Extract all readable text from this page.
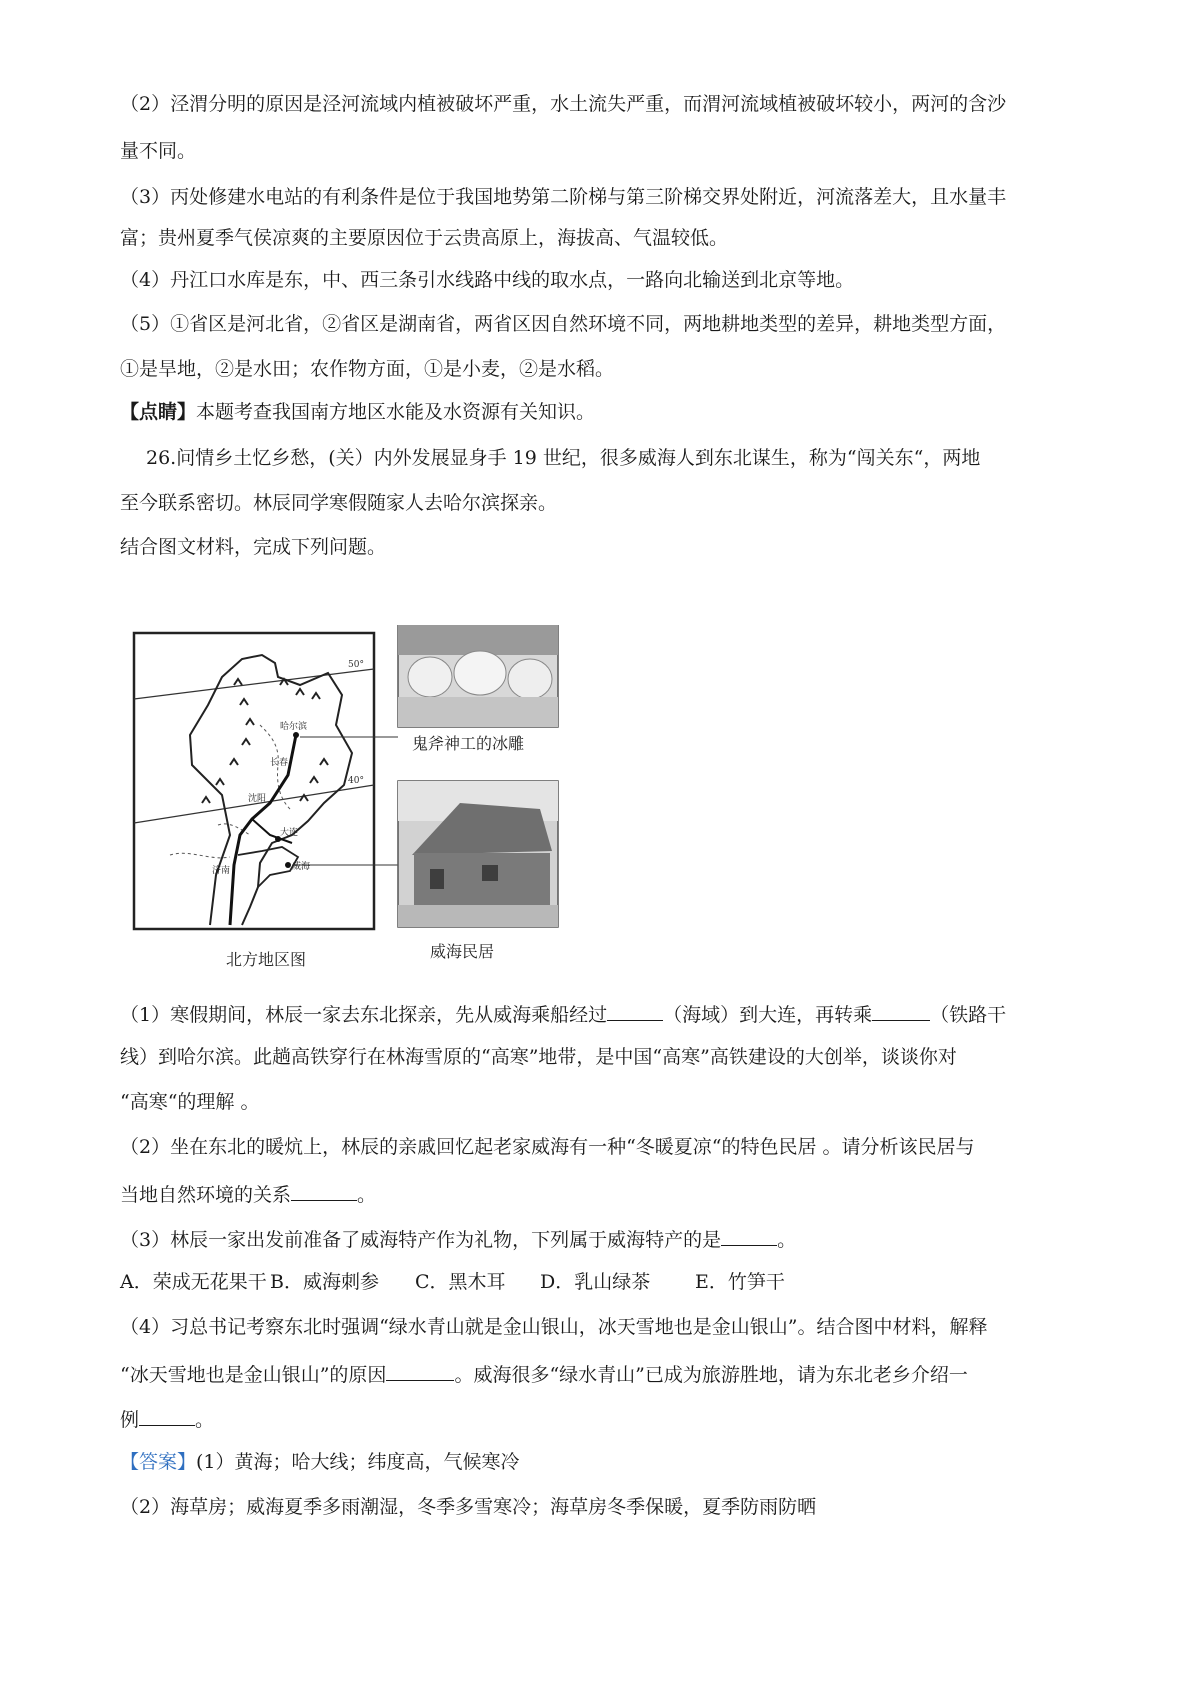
（2）泾渭分明的原因是泾河流域内植被破坏严重，水土流失严重，而渭河流域植被破坏较小，两河的含沙

量不同。

（3）丙处修建水电站的有利条件是位于我国地势第二阶梯与第三阶梯交界处附近，河流落差大，且水量丰

富；贵州夏季气侯凉爽的主要原因位于云贵高原上，海拔高、气温较低。

（4）丹江口水库是东，中、西三条引水线路中线的取水点，一路向北输送到北京等地。

（5）①省区是河北省，②省区是湖南省，两省区因自然环境不同，两地耕地类型的差异，耕地类型方面，

①是旱地，②是水田；农作物方面，①是小麦，②是水稻。

【点睛】本题考查我国南方地区水能及水资源有关知识。

26.问情乡土忆乡愁，(关）内外发展显身手 19 世纪，很多威海人到东北谋生，称为“闯关东“，两地

至今联系密切。林辰同学寒假随家人去哈尔滨探亲。

结合图文材料，完成下列问题。

50°
40°
哈尔滨
长春
沈阳
大连
威海
济南
北方地区图
鬼斧神工的冰雕
威海民居

（1）寒假期间，林辰一家去东北探亲，先从威海乘船经过	（海域）到大连，再转乘	（铁路干

线）到哈尔滨。此趟高铁穿行在林海雪原的“高寒”地带，是中国“高寒”高铁建设的大创举，谈谈你对

“高寒“的理解 。

（2）坐在东北的暖炕上，林辰的亲戚回忆起老家威海有一种“冬暖夏凉“的特色民居 。请分析该民居与

当地自然环境的关系	。

（3）林辰一家出发前准备了威海特产作为礼物，下列属于威海特产的是	。

A．荣成无花果干 B．威海刺参 C．黑木耳 D．乳山绿茶 E．竹笋干

（4）习总书记考察东北时强调“绿水青山就是金山银山，冰天雪地也是金山银山”。结合图中材料，解释

“冰天雪地也是金山银山”的原因	。威海很多“绿水青山”已成为旅游胜地，请为东北老乡介绍一

例	。

【答案】(1）黄海；哈大线；纬度高，气候寒冷

（2）海草房；威海夏季多雨潮湿，冬季多雪寒冷；海草房冬季保暖，夏季防雨防晒
